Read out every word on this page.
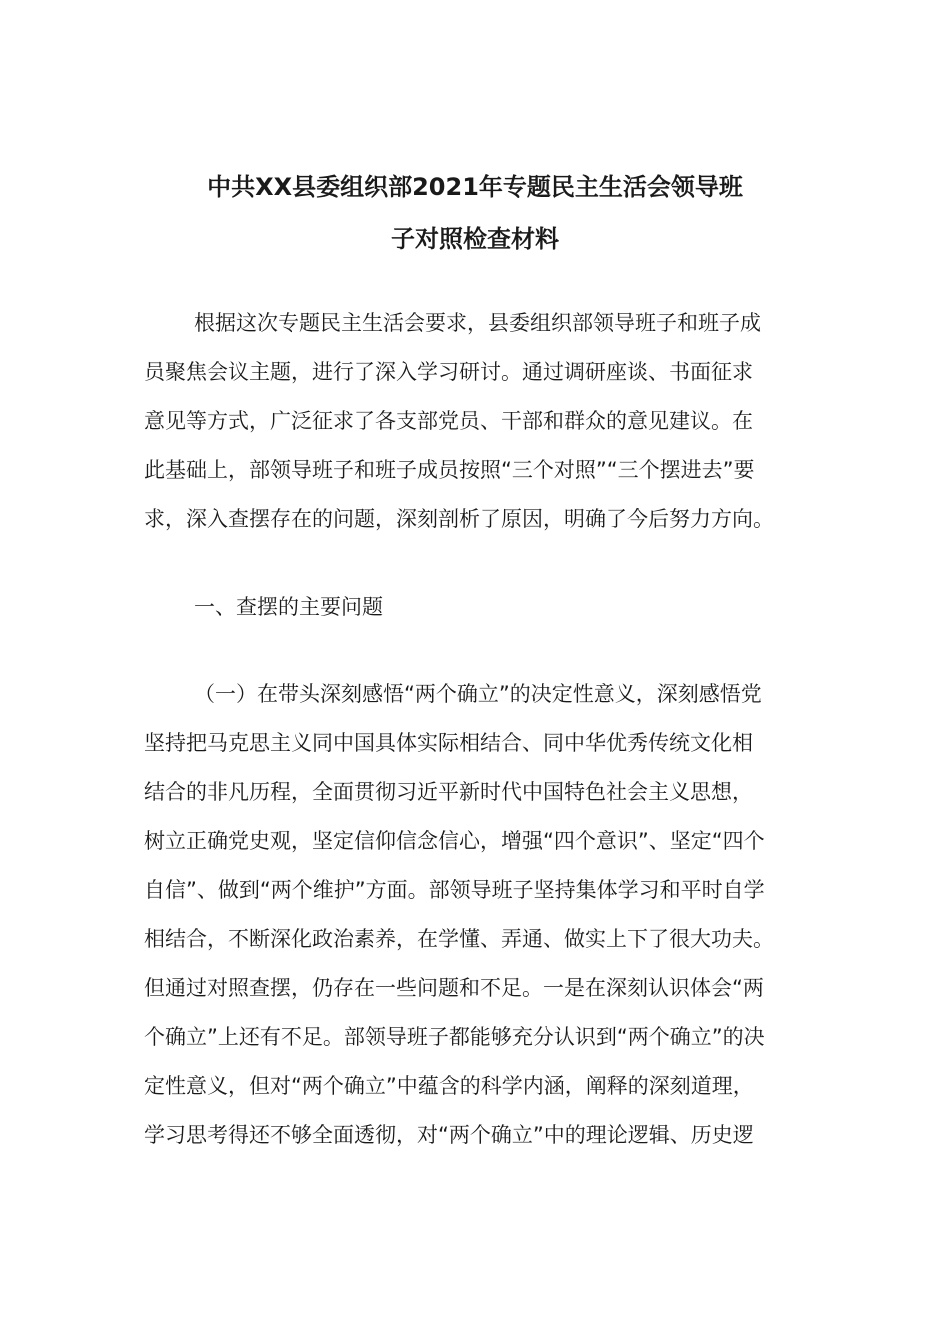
中共XX县委组织部2021年专题民主生活会领导班
子对照检查材料
根据这次专题民主生活会要求，县委组织部领导班子和班子成
员聚焦会议主题，进行了深入学习研讨。通过调研座谈、书面征求
意见等方式，广泛征求了各支部党员、干部和群众的意见建议。在
此基础上，部领导班子和班子成员按照“三个对照”“三个摆进去”要
求，深入查摆存在的问题，深刻剖析了原因，明确了今后努力方向。
一、查摆的主要问题
（一）在带头深刻感悟“两个确立”的决定性意义，深刻感悟党
坚持把马克思主义同中国具体实际相结合、同中华优秀传统文化相
结合的非凡历程，全面贯彻习近平新时代中国特色社会主义思想，
树立正确党史观，坚定信仰信念信心，增强“四个意识”、坚定“四个
自信”、做到“两个维护”方面。部领导班子坚持集体学习和平时自学
相结合，不断深化政治素养，在学懂、弄通、做实上下了很大功夫。
但通过对照查摆，仍存在一些问题和不足。一是在深刻认识体会“两
个确立”上还有不足。部领导班子都能够充分认识到“两个确立”的决
定性意义，但对“两个确立”中蕴含的科学内涵，阐释的深刻道理，
学习思考得还不够全面透彻，对“两个确立”中的理论逻辑、历史逻
